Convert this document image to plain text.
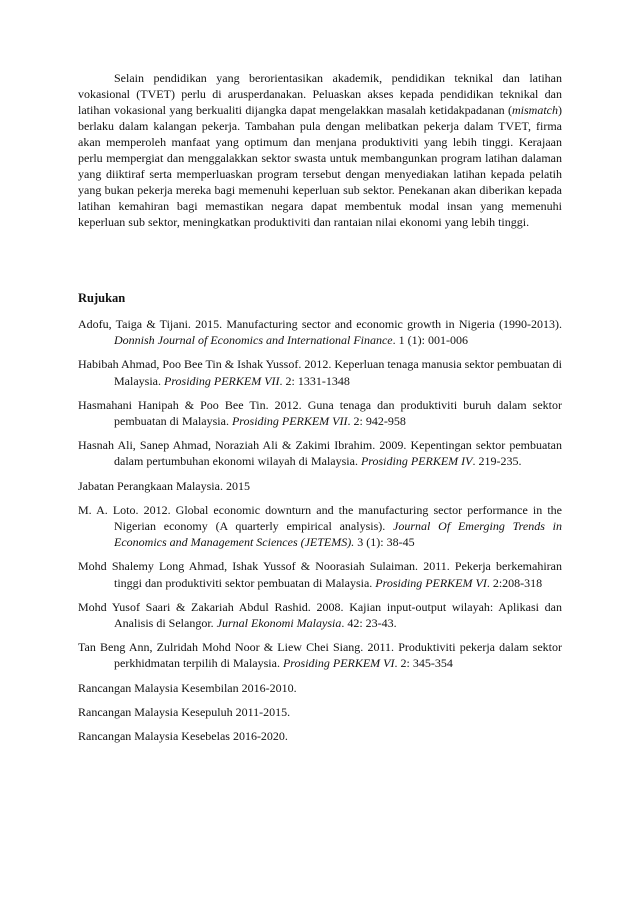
Selain pendidikan yang berorientasikan akademik, pendidikan teknikal dan latihan vokasional (TVET) perlu di arusperdanakan. Peluaskan akses kepada pendidikan teknikal dan latihan vokasional yang berkualiti dijangka dapat mengelakkan masalah ketidakpadanan (mismatch) berlaku dalam kalangan pekerja. Tambahan pula dengan melibatkan pekerja dalam TVET, firma akan memperoleh manfaat yang optimum dan menjana produktiviti yang lebih tinggi. Kerajaan perlu mempergiat dan menggalakkan sektor swasta untuk membangunkan program latihan dalaman yang diiktiraf serta memperluaskan program tersebut dengan menyediakan latihan kepada pelatih yang bukan pekerja mereka bagi memenuhi keperluan sub sektor. Penekanan akan diberikan kepada latihan kemahiran bagi memastikan negara dapat membentuk modal insan yang memenuhi keperluan sub sektor, meningkatkan produktiviti dan rantaian nilai ekonomi yang lebih tinggi.

Rujukan

Adofu, Taiga & Tijani. 2015. Manufacturing sector and economic growth in Nigeria (1990-2013). Donnish Journal of Economics and International Finance. 1 (1): 001-006
Habibah Ahmad, Poo Bee Tin & Ishak Yussof. 2012. Keperluan tenaga manusia sektor pembuatan di Malaysia. Prosiding PERKEM VII. 2: 1331-1348
Hasmahani Hanipah & Poo Bee Tin. 2012. Guna tenaga dan produktiviti buruh dalam sektor pembuatan di Malaysia. Prosiding PERKEM VII. 2: 942-958
Hasnah Ali, Sanep Ahmad, Noraziah Ali & Zakimi Ibrahim. 2009. Kepentingan sektor pembuatan dalam pertumbuhan ekonomi wilayah di Malaysia. Prosiding PERKEM IV. 219-235.
Jabatan Perangkaan Malaysia. 2015
M. A. Loto. 2012. Global economic downturn and the manufacturing sector performance in the Nigerian economy (A quarterly empirical analysis). Journal Of Emerging Trends in Economics and Management Sciences (JETEMS). 3 (1): 38-45
Mohd Shalemy Long Ahmad, Ishak Yussof & Noorasiah Sulaiman. 2011. Pekerja berkemahiran tinggi dan produktiviti sektor pembuatan di Malaysia. Prosiding PERKEM VI. 2:208-318
Mohd Yusof Saari & Zakariah Abdul Rashid. 2008. Kajian input-output wilayah: Aplikasi dan Analisis di Selangor. Jurnal Ekonomi Malaysia. 42: 23-43.
Tan Beng Ann, Zulridah Mohd Noor & Liew Chei Siang. 2011. Produktiviti pekerja dalam sektor perkhidmatan terpilih di Malaysia. Prosiding PERKEM VI. 2: 345-354
Rancangan Malaysia Kesembilan 2016-2010.
Rancangan Malaysia Kesepuluh 2011-2015.
Rancangan Malaysia Kesebelas 2016-2020.
